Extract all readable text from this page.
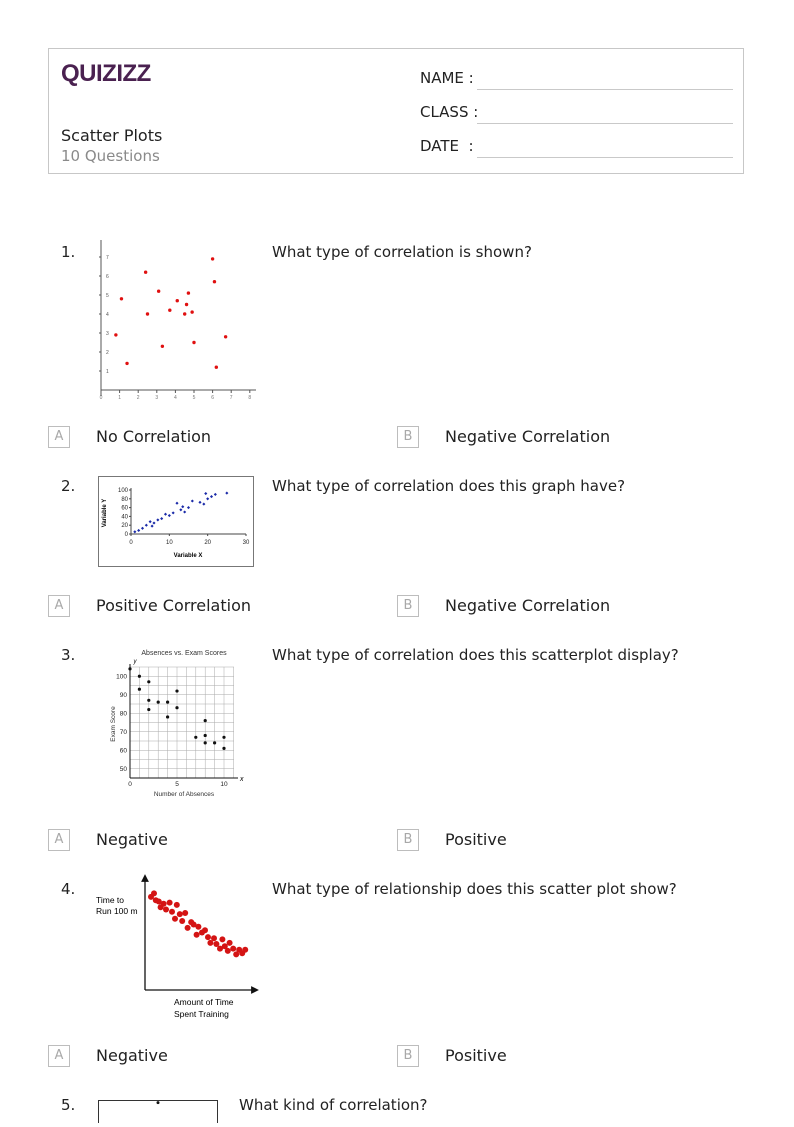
QUIZIZZ
Scatter Plots
10 Questions
NAME :
CLASS :
DATE  :
1.	What type of correlation is shown?
1
2
3
4
5
6
7
0	1	2	3	4	5	6	7	8
A	No Correlation	B	Negative Correlation
2.	What type of correlation does this graph have?
Variable Y
Variable X
0
20
40
60
80
100
0	10	20	30
A	Positive Correlation	B	Negative Correlation
3.	What type of correlation does this scatterplot display?
Absences vs. Exam Scores
y
x
Exam Score
Number of Absences
50
60
70
80
90
100
0	5	10
A	Negative	B	Positive
4.	What type of relationship does this scatter plot show?
Time to
Run 100 m
Amount of Time
Spent Training
A	Negative	B	Positive
5.	What kind of correlation?
